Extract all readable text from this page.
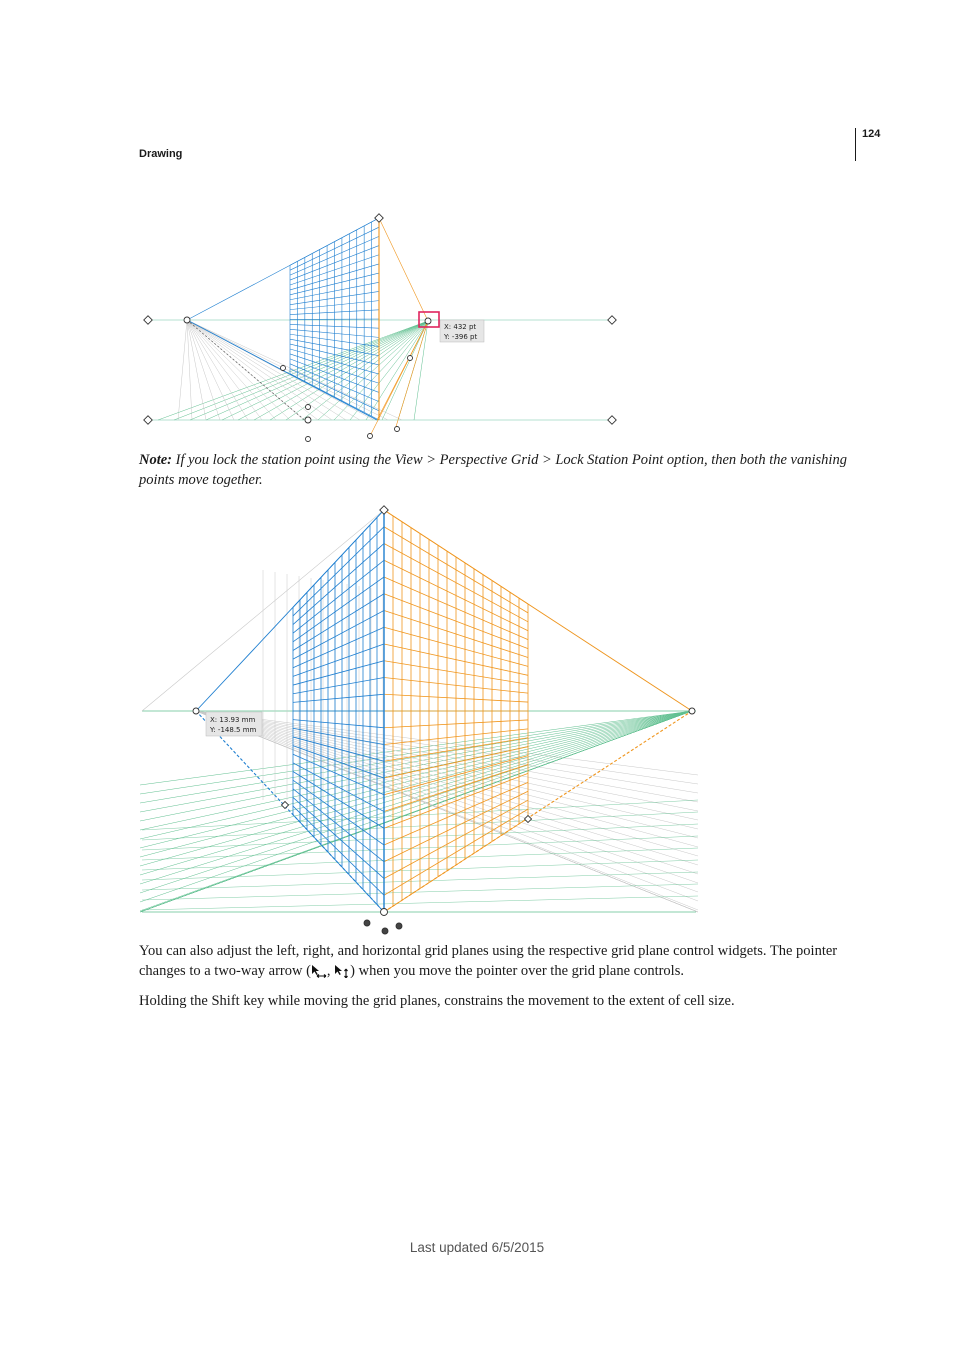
124
Drawing
X: 432 pt
Y: -396 pt
Note: If you lock the station point using the View > Perspective Grid > Lock Station Point option, then both the vanishing points move together.
X: 13.93 mm
Y: -148.5 mm
You can also adjust the left, right, and horizontal grid planes using the respective grid plane control widgets. The pointer changes to a two-way arrow ( , ) when you move the pointer over the grid plane controls.
Holding the Shift key while moving the grid planes, constrains the movement to the extent of cell size.
Last updated 6/5/2015
